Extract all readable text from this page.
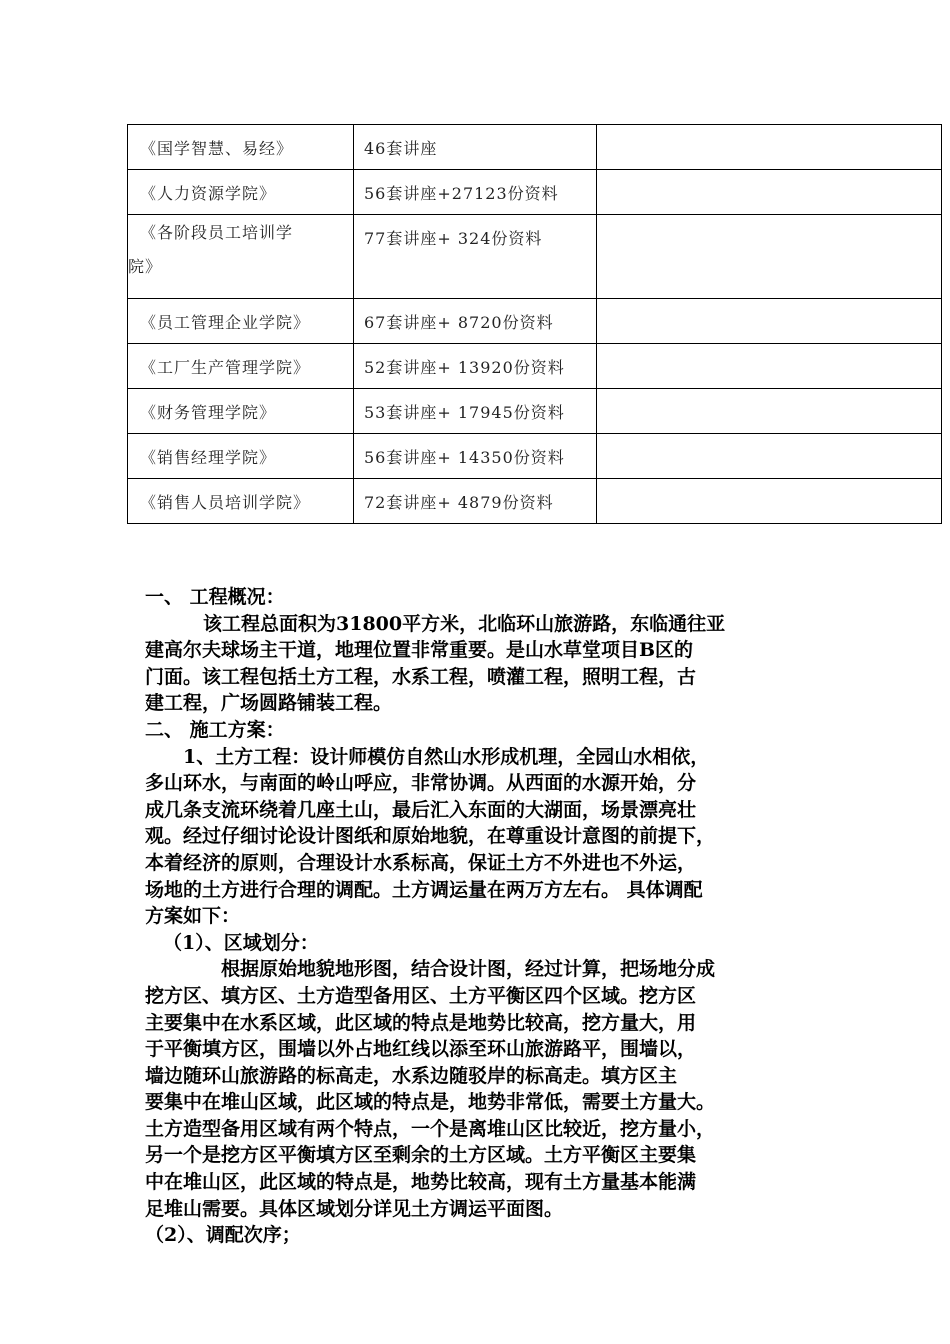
《国学智慧、易经》	46套讲座	
《人力资源学院》	56套讲座+27123份资料	

《各阶段员工培训学
院》	77套讲座+ 324份资料	
《员工管理企业学院》	67套讲座+ 8720份资料	
《工厂生产管理学院》	52套讲座+ 13920份资料	
《财务管理学院》	53套讲座+ 17945份资料	
《销售经理学院》	56套讲座+ 14350份资料	
《销售人员培训学院》	72套讲座+ 4879份资料	

一、 工程概况：

该工程总面积为31800平方米，北临环山旅游路，东临通往亚

建高尔夫球场主干道，地理位置非常重要。是山水草堂项目B区的

门面。该工程包括土方工程，水系工程，喷灌工程，照明工程，古

建工程，广场圆路铺装工程。

二、 施工方案：

1、土方工程：设计师模仿自然山水形成机理，全园山水相依，

多山环水，与南面的岭山呼应，非常协调。从西面的水源开始，分

成几条支流环绕着几座土山，最后汇入东面的大湖面，场景漂亮壮

观。经过仔细讨论设计图纸和原始地貌，在尊重设计意图的前提下，

本着经济的原则，合理设计水系标高，保证土方不外进也不外运，

场地的土方进行合理的调配。土方调运量在两万方左右。 具体调配

方案如下：

（1）、区域划分：

根据原始地貌地形图，结合设计图，经过计算，把场地分成

挖方区、填方区、土方造型备用区、土方平衡区四个区域。挖方区

主要集中在水系区域，此区域的特点是地势比较高，挖方量大，用

于平衡填方区，围墙以外占地红线以添至环山旅游路平，围墙以，

墙边随环山旅游路的标高走，水系边随驳岸的标高走。填方区主

要集中在堆山区域，此区域的特点是，地势非常低，需要土方量大。

土方造型备用区域有两个特点，一个是离堆山区比较近，挖方量小，

另一个是挖方区平衡填方区至剩余的土方区域。土方平衡区主要集

中在堆山区，此区域的特点是，地势比较高，现有土方量基本能满

足堆山需要。具体区域划分详见土方调运平面图。

（2）、调配次序；
